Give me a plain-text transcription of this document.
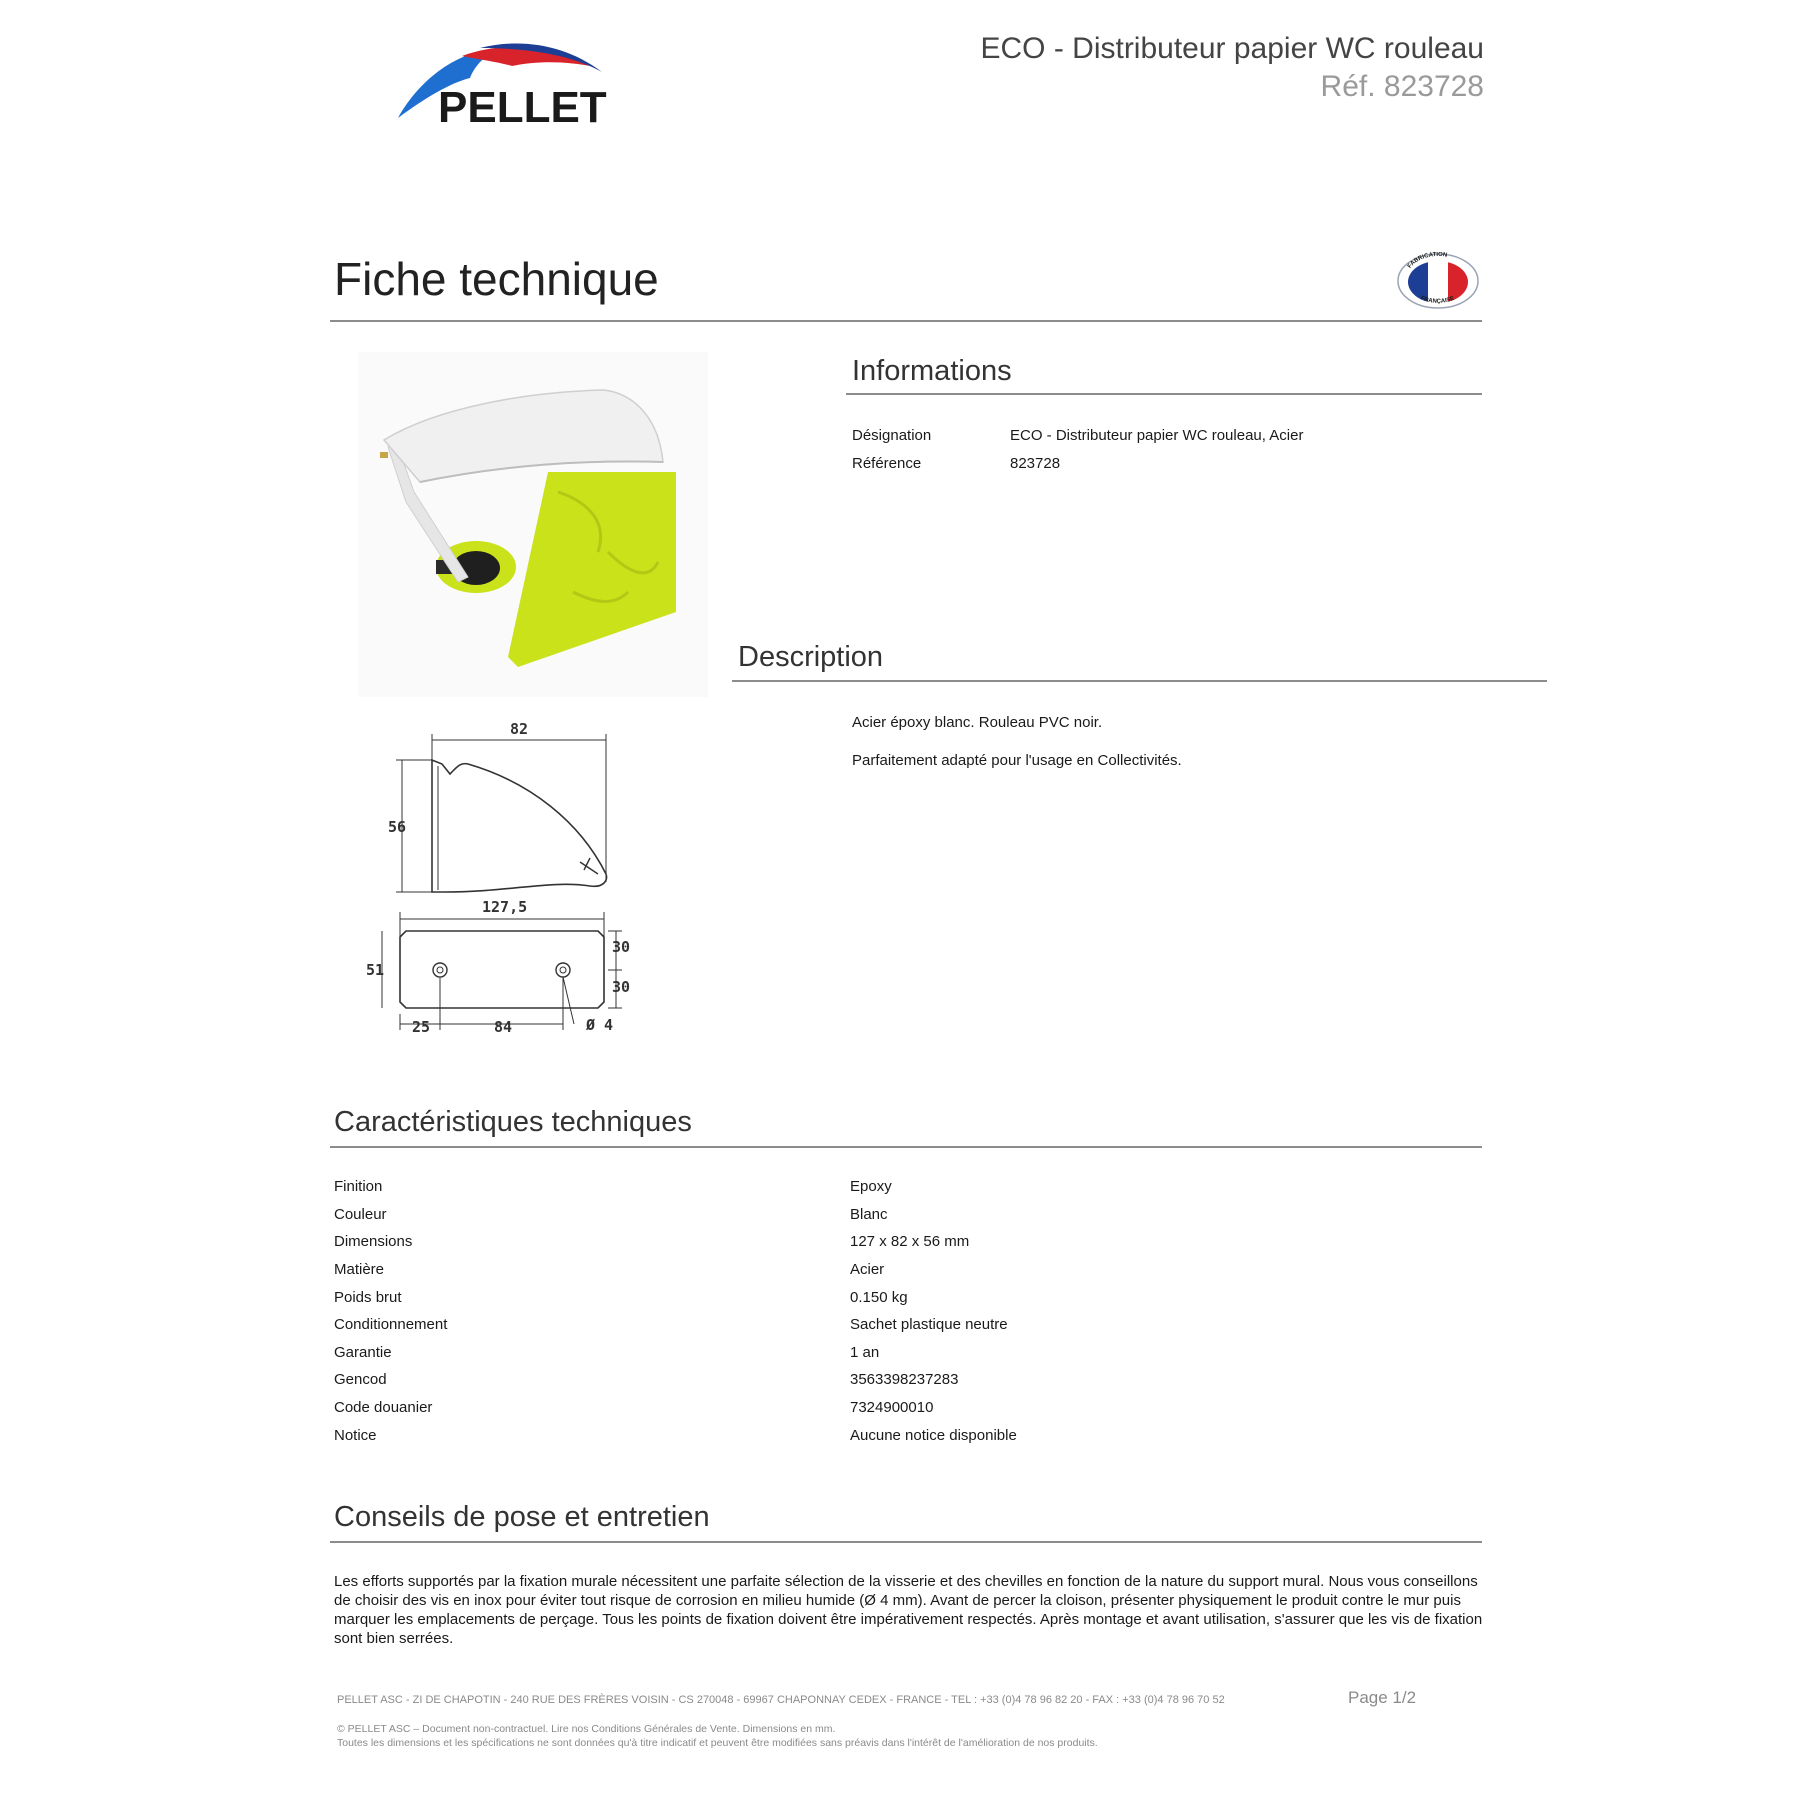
PELLET
ECO - Distributeur papier WC rouleau
Réf. 823728
Fiche technique	FABRICATION
FRANÇAISE
82
56
127,5
51
30
30
25	84	Ø 4
Informations
Désignation	ECO - Distributeur papier WC rouleau, Acier
Référence	823728
Description
Acier époxy blanc. Rouleau PVC noir.
Parfaitement adapté pour l'usage en Collectivités.
Caractéristiques techniques
Finition	Epoxy
Couleur	Blanc
Dimensions	127 x 82 x 56 mm
Matière	Acier
Poids brut	0.150 kg
Conditionnement	Sachet plastique neutre
Garantie	1 an
Gencod	3563398237283
Code douanier	7324900010
Notice	Aucune notice disponible
Conseils de pose et entretien
Les efforts supportés par la fixation murale nécessitent une parfaite sélection de la visserie et des chevilles en fonction de la nature du support mural. Nous vous conseillons de choisir des vis en inox pour éviter tout risque de corrosion en milieu humide (Ø 4 mm). Avant de percer la cloison, présenter physiquement le produit contre le mur puis marquer les emplacements de perçage. Tous les points de fixation doivent être impérativement respectés. Après montage et avant utilisation, s'assurer que les vis de fixation sont bien serrées.
PELLET ASC - ZI DE CHAPOTIN - 240 RUE DES FRÈRES VOISIN - CS 270048 - 69967 CHAPONNAY CEDEX - FRANCE - TEL : +33 (0)4 78 96 82 20 - FAX : +33 (0)4 78 96 70 52	Page 1/2
© PELLET ASC – Document non-contractuel. Lire nos Conditions Générales de Vente. Dimensions en mm.
Toutes les dimensions et les spécifications ne sont données qu'à titre indicatif et peuvent être modifiées sans préavis dans l'intérêt de l'amélioration de nos produits.
